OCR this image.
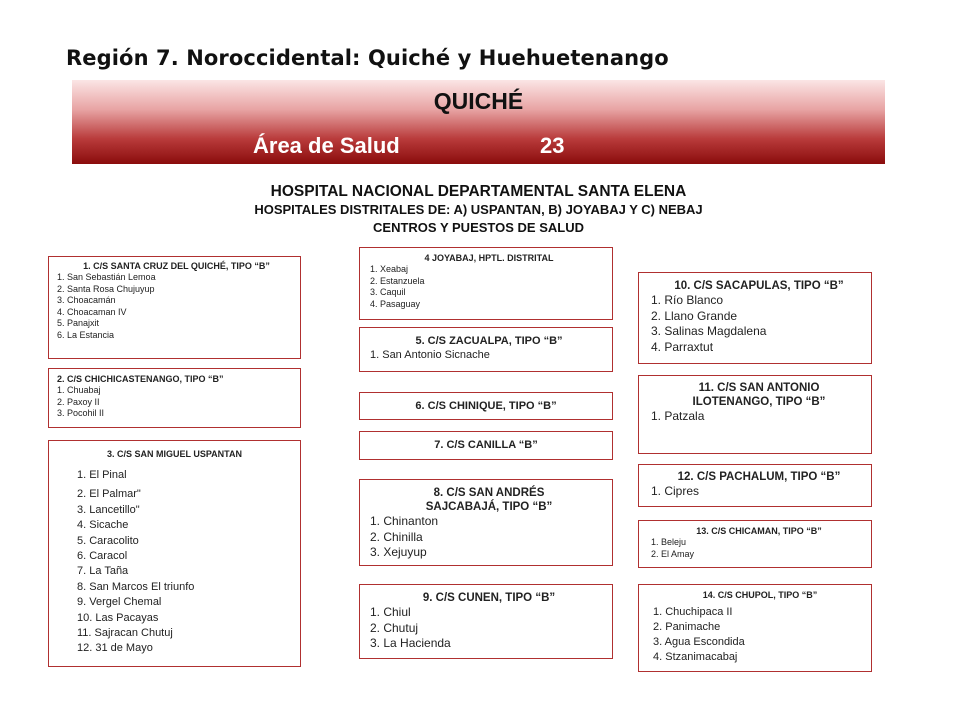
Región 7. Noroccidental: Quiché y Huehuetenango
QUICHÉ
Área de Salud	23
HOSPITAL NACIONAL DEPARTAMENTAL SANTA ELENA
HOSPITALES DISTRITALES DE: A) USPANTAN, B) JOYABAJ Y C) NEBAJ
CENTROS Y PUESTOS DE SALUD
1. C/S SANTA CRUZ DEL QUICHÉ, TIPO “B”
1. San Sebastián Lemoa
2. Santa Rosa Chujuyup
3. Choacamán
4. Choacaman IV
5. Panajxit
6. La Estancia
2. C/S CHICHICASTENANGO, TIPO “B”
1. Chuabaj
2. Paxoy II
3. Pocohil II
3. C/S SAN MIGUEL USPANTAN
1. El Pinal
2. El Palmar"
3. Lancetillo"
4. Sicache
5. Caracolito
6. Caracol
7. La Taña
8. San Marcos El triunfo
9. Vergel Chemal
10. Las Pacayas
11. Sajracan Chutuj
12. 31 de Mayo
4 JOYABAJ, HPTL. DISTRITAL
1. Xeabaj
2. Estanzuela
3. Caquil
4. Pasaguay
5. C/S ZACUALPA, TIPO “B”
1. San Antonio Sicnache
6. C/S CHINIQUE, TIPO “B”
7. C/S CANILLA “B”
8. C/S SAN ANDRÉS SAJCABAJÁ, TIPO “B”
1. Chinanton
2. Chinilla
3. Xejuyup
9. C/S CUNEN, TIPO “B”
1. Chiul
2. Chutuj
3. La Hacienda
10. C/S SACAPULAS, TIPO “B”
1. Río Blanco
2. Llano Grande
3. Salinas Magdalena
4. Parraxtut
11. C/S SAN ANTONIO ILOTENANGO, TIPO “B”
1. Patzala
12. C/S PACHALUM, TIPO “B”
1. Cipres
13. C/S CHICAMAN, TIPO “B”
1. Beleju
2. El Amay
14. C/S CHUPOL, TIPO “B”
1. Chuchipaca II
2. Panimache
3. Agua Escondida
4. Stzanimacabaj
